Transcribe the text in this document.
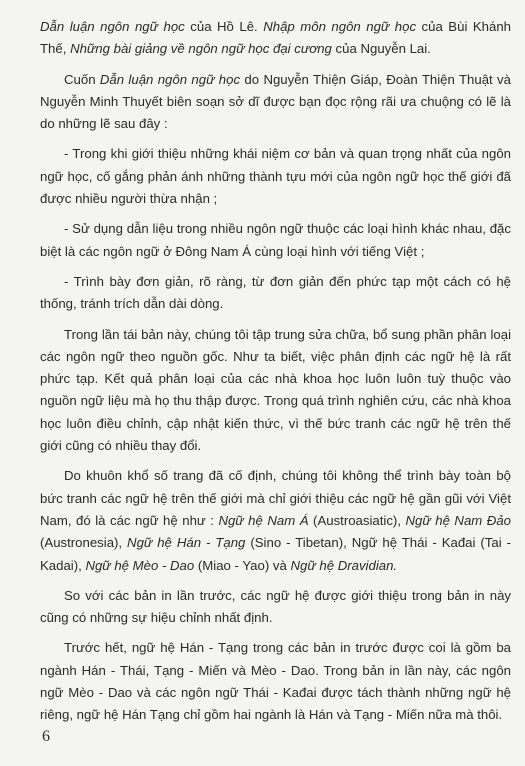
Dẫn luận ngôn ngữ học của Hồ Lê. Nhập môn ngôn ngữ học của Bùi Khánh Thế, Những bài giảng về ngôn ngữ học đại cương của Nguyễn Lai.

Cuốn Dẫn luận ngôn ngữ học do Nguyễn Thiện Giáp, Đoàn Thiện Thuật và Nguyễn Minh Thuyết biên soạn sở dĩ được bạn đọc rộng rãi ưa chuộng có lẽ là do những lẽ sau đây :

- Trong khi giới thiệu những khái niệm cơ bản và quan trọng nhất của ngôn ngữ học, cố gắng phản ánh những thành tựu mới của ngôn ngữ học thế giới đã được nhiều người thừa nhận ;

- Sử dụng dẫn liệu trong nhiều ngôn ngữ thuộc các loại hình khác nhau, đặc biệt là các ngôn ngữ ở Đông Nam Á cùng loại hình với tiếng Việt ;

- Trình bày đơn giản, rõ ràng, từ đơn giản đến phức tạp một cách có hệ thống, tránh trích dẫn dài dòng.

Trong lần tái bản này, chúng tôi tập trung sửa chữa, bổ sung phần phân loại các ngôn ngữ theo nguồn gốc. Như ta biết, việc phân định các ngữ hệ là rất phức tạp. Kết quả phân loại của các nhà khoa học luôn luôn tuỳ thuộc vào nguồn ngữ liệu mà họ thu thập được. Trong quá trình nghiên cứu, các nhà khoa học luôn điều chỉnh, cập nhật kiến thức, vì thế bức tranh các ngữ hệ trên thế giới cũng có nhiều thay đổi.

Do khuôn khổ số trang đã cố định, chúng tôi không thể trình bày toàn bộ bức tranh các ngữ hệ trên thế giới mà chỉ giới thiệu các ngữ hệ gần gũi với Việt Nam, đó là các ngữ hệ như : Ngữ hệ Nam Á (Austroasiatic), Ngữ hệ Nam Đảo (Austronesia), Ngữ hệ Hán - Tạng (Sino - Tibetan), Ngữ hệ Thái - Kađai (Tai - Kadai), Ngữ hệ Mèo - Dao (Miao - Yao) và Ngữ hệ Dravidian.

So với các bản in lần trước, các ngữ hệ được giới thiệu trong bản in này cũng có những sự hiệu chỉnh nhất định.

Trước hết, ngữ hệ Hán - Tạng trong các bản in trước được coi là gồm ba ngành Hán - Thái, Tạng - Miến và Mèo - Dao. Trong bản in lần này, các ngôn ngữ Mèo - Dao và các ngôn ngữ Thái - Kađai được tách thành những ngữ hệ riêng, ngữ hệ Hán Tạng chỉ gồm hai ngành là Hán và Tạng - Miến nữa mà thôi.

6
